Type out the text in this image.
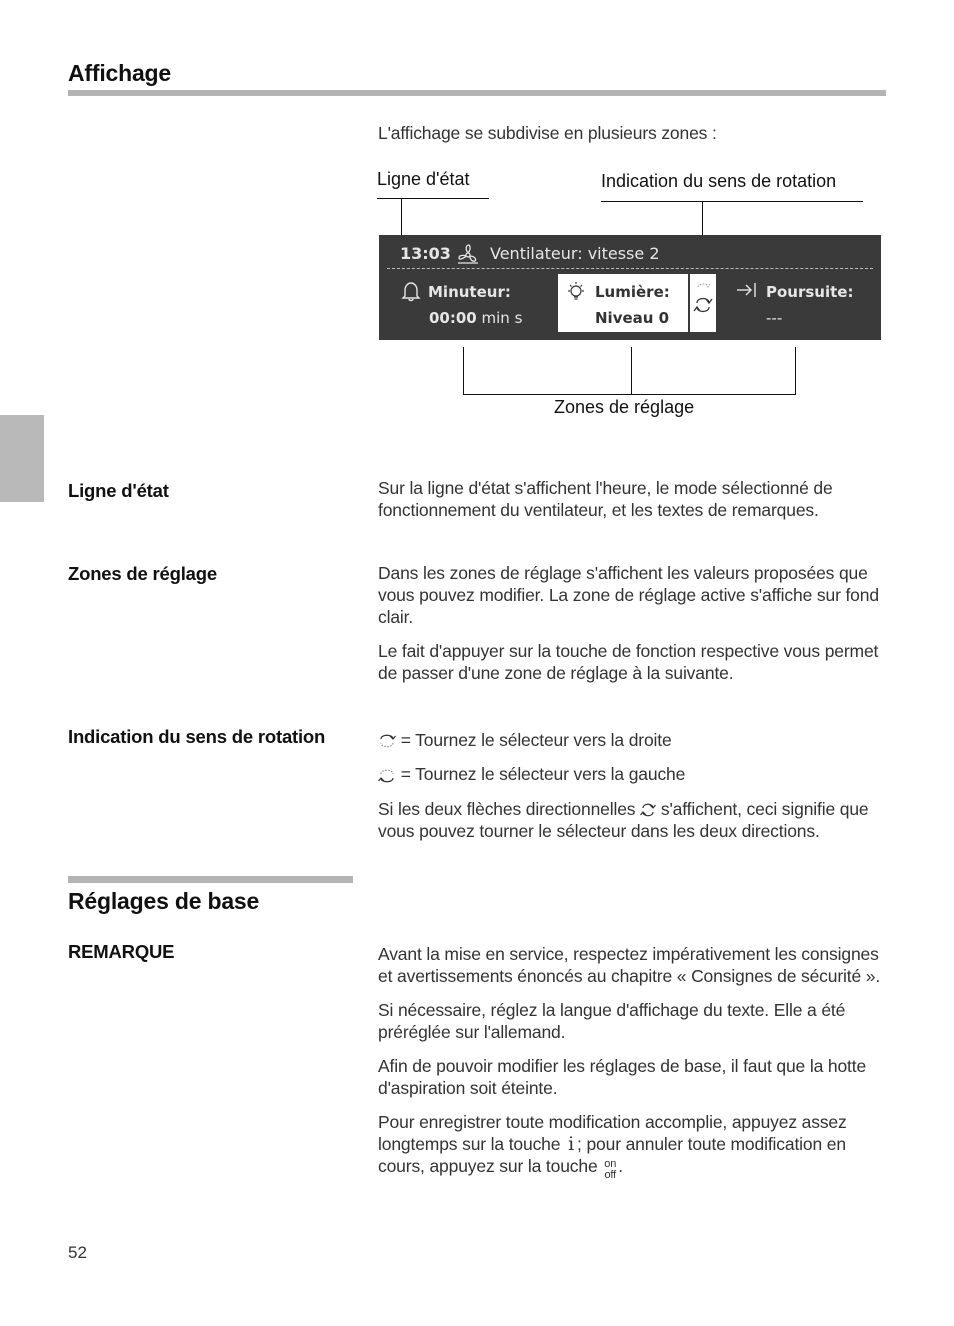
Affichage
L'affichage se subdivise en plusieurs zones :
Ligne d'état	Indication du sens de rotation
13:03 Ventilateur: vitesse 2
Minuteur:
00:00 min s
Lumière:
Niveau 0
Poursuite:
---
Zones de réglage
Ligne d'état	Sur la ligne d'état s'affichent l'heure, le mode sélectionné de fonctionnement du ventilateur, et les textes de remarques.

Zones de réglage	Dans les zones de réglage s'affichent les valeurs proposées que vous pouvez modifier. La zone de réglage active s'affiche sur fond clair.

Le fait d'appuyer sur la touche de fonction respective vous permet de passer d'une zone de réglage à la suivante.

Indication du sens de rotation	= Tournez le sélecteur vers la droite

= Tournez le sélecteur vers la gauche

Si les deux flèches directionnelles s'affichent, ceci signifie que vous pouvez tourner le sélecteur dans les deux directions.

Réglages de base
REMARQUE	Avant la mise en service, respectez impérativement les consignes et avertissements énoncés au chapitre « Consignes de sécurité ».

Si nécessaire, réglez la langue d'affichage du texte. Elle a été préréglée sur l'allemand.

Afin de pouvoir modifier les réglages de base, il faut que la hotte d'aspiration soit éteinte.

Pour enregistrer toute modification accomplie, appuyez assez longtemps sur la touche i ; pour annuler toute modification en cours, appuyez sur la touche on
off .

52
